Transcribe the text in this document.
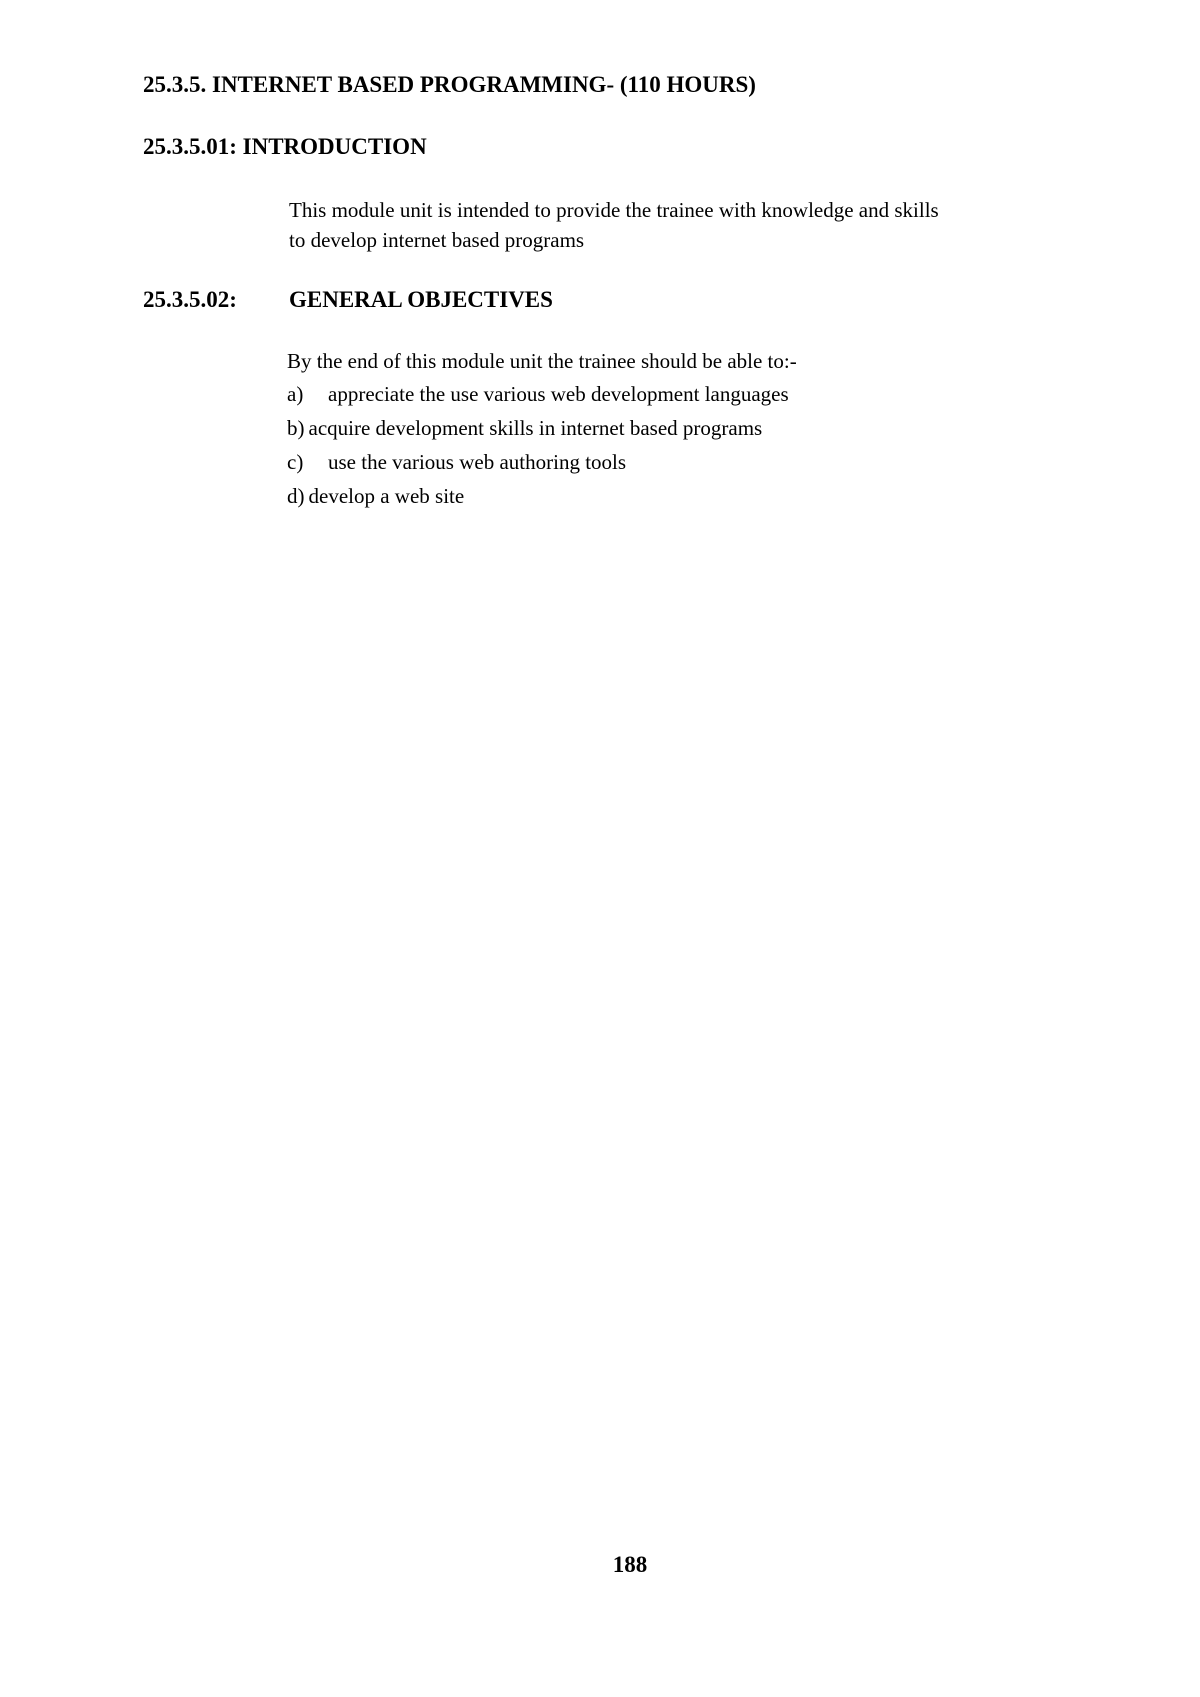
25.3.5. INTERNET BASED PROGRAMMING- (110 HOURS)
25.3.5.01: INTRODUCTION

This module unit is intended to provide the trainee with knowledge and skills

to develop internet based programs

25.3.5.02: GENERAL OBJECTIVES

By the end of this module unit the trainee should be able to:-

a)	appreciate the use various web development languages
b) acquire development skills in internet based programs
c)	use the various web authoring tools
d) develop a web site
188
